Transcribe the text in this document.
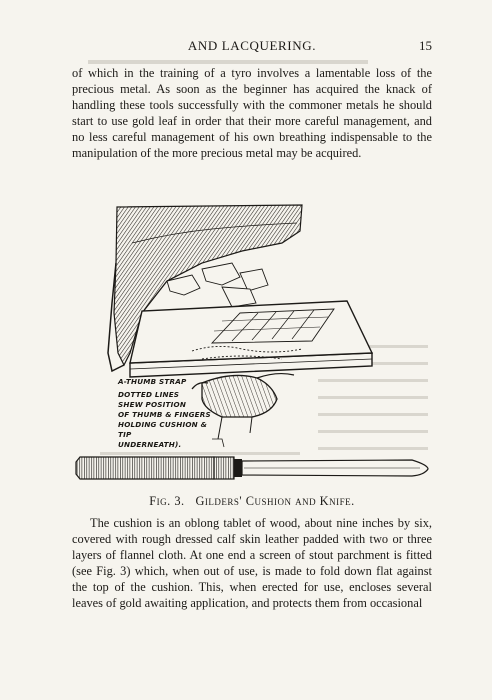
AND LACQUERING.	15

of which in the training of a tyro involves a lamentable loss of the precious metal. As soon as the beginner has acquired the knack of handling these tools successfully with the commoner metals he should start to use gold leaf in order that their more careful management, and no less careful management of his own breathing indispensable to the manipulation of the more precious metal may be acquired.

A-THUMB STRAP
DOTTED LINES
SHEW POSITION
OF THUMB & FINGERS
HOLDING CUSHION & TIP
UNDERNEATH).
Fig. 3. Gilders' Cushion and Knife.

The cushion is an oblong tablet of wood, about nine inches by six, covered with rough dressed calf skin leather padded with two or three layers of flannel cloth. At one end a screen of stout parchment is fitted (see Fig. 3) which, when out of use, is made to fold down flat against the top of the cushion. This, when erected for use, encloses several leaves of gold awaiting application, and protects them from occasional
